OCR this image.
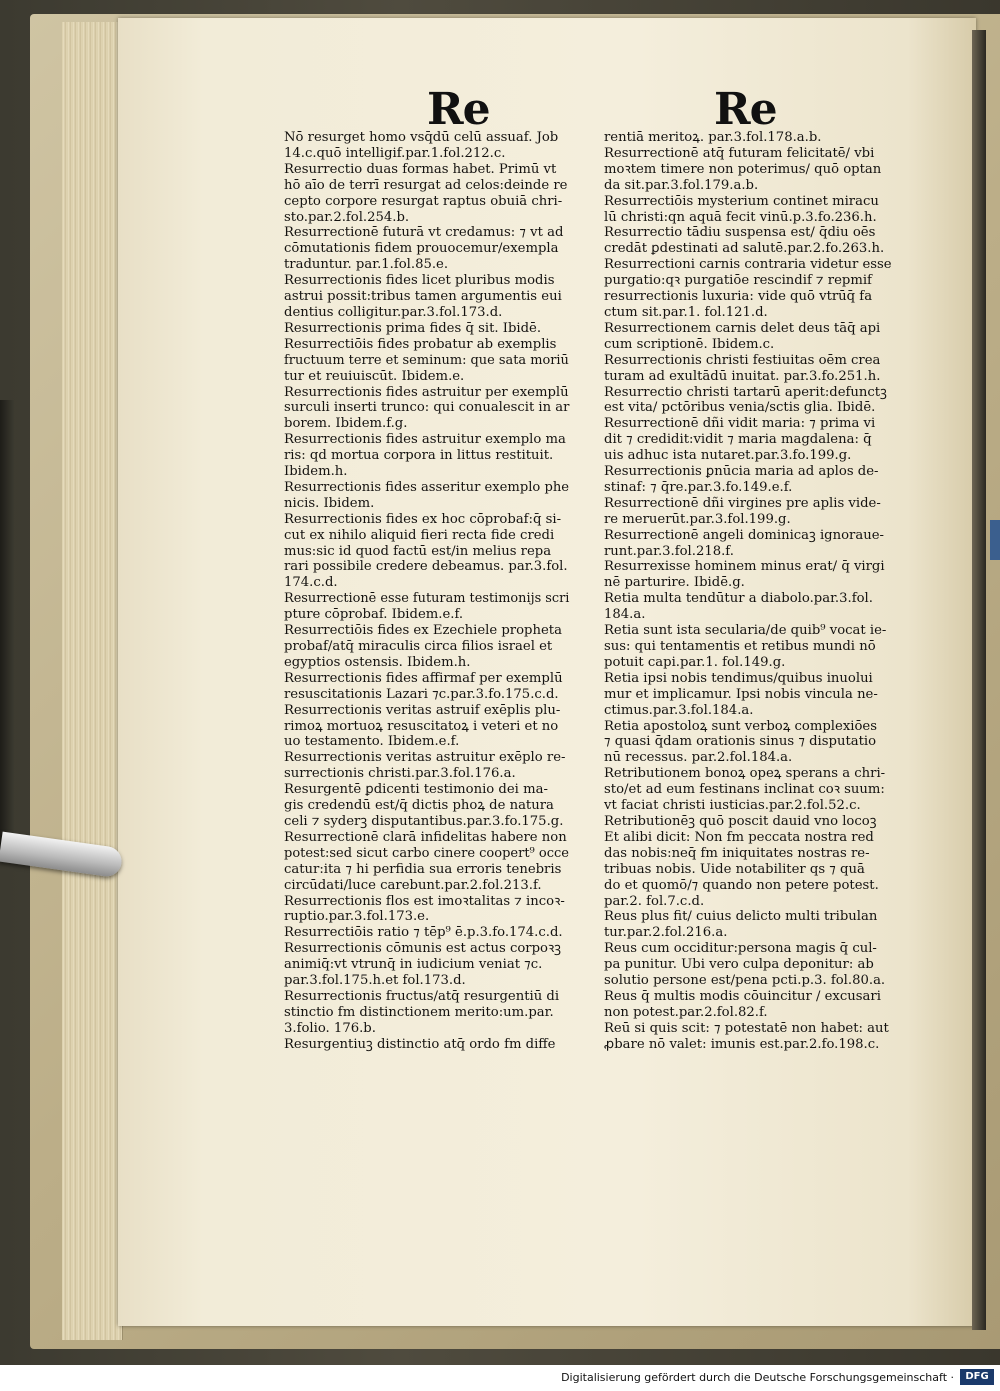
Re	Re
Nō resurget homo vsq̄dū celū assuaf. Job
14.c.quō intelligif.par.1.fol.212.c.
Resurrectio duas formas habet. Primū vt
hō aīo de terrī resurgat ad celos:deinde re
cepto corpore resurgat raptus obuiā chri-
sto.par.2.fol.254.b.
Resurrectionē futurā vt credamus: ⁊ vt ad
cōmutationis fidem prouocemur/exempla
traduntur. par.1.fol.85.e.
Resurrectionis fides licet pluribus modis
astrui possit:tribus tamen argumentis eui
dentius colligitur.par.3.fol.173.d.
Resurrectionis prima fides q̄ sit. Ibidē.
Resurrectiōis fides probatur ab exemplis
fructuum terre et seminum: que sata moriū
tur et reuiuiscūt. Ibidem.e.
Resurrectionis fides astruitur per exemplū
surculi inserti trunco: qui conualescit in ar
borem. Ibidem.f.g.
Resurrectionis fides astruitur exemplo ma
ris: qd mortua corpora in littus restituit.
Ibidem.h.
Resurrectionis fides asseritur exemplo phe
nicis. Ibidem.
Resurrectionis fides ex hoc cōprobaf:q̄ si-
cut ex nihilo aliquid fieri recta fide credi
mus:sic id quod factū est/in melius repa
rari possibile credere debeamus. par.3.fol.
174.c.d.
Resurrectionē esse futuram testimonijs scri
pture cōprobaf. Ibidem.e.f.
Resurrectiōis fides ex Ezechiele propheta
probaf/atq̄ miraculis circa filios israel et
egyptios ostensis. Ibidem.h.
Resurrectionis fides affirmaf per exemplū
resuscitationis Lazari ⁊c.par.3.fo.175.c.d.
Resurrectionis veritas astruif exēplis plu-
rimoꝝ mortuoꝝ resuscitatoꝝ i veteri et no
uo testamento. Ibidem.e.f.
Resurrectionis veritas astruitur exēplo re-
surrectionis christi.par.3.fol.176.a.
Resurgentē ꝑdicenti testimonio dei ma-
gis credendū est/q̄ dictis phoꝝ de natura
celi ⁊ syderꝫ disputantibus.par.3.fo.175.g.
Resurrectionē clarā infidelitas habere non
potest:sed sicut carbo cinere coopert⁹ occe
catur:ita ⁊ hi perfidia sua erroris tenebris
circūdati/luce carebunt.par.2.fol.213.f.
Resurrectionis flos est imoꝛtalitas ⁊ incoꝛ-
ruptio.par.3.fol.173.e.
Resurrectiōis ratio ⁊ tēp⁹ ē.p.3.fo.174.c.d.
Resurrectionis cōmunis est actus corpoꝛꝫ
animiq̄:vt vtrunq̄ in iudicium veniat ⁊c.
par.3.fol.175.h.et fol.173.d.
Resurrectionis fructus/atq̄ resurgentiū di
stinctio fm distinctionem merito:um.par.
3.folio. 176.b.
Resurgentiuꝫ distinctio atq̄ ordo fm diffe
rentiā meritoꝝ. par.3.fol.178.a.b.
Resurrectionē atq̄ futuram felicitatē/ vbi
moꝛtem timere non poterimus/ quō optan
da sit.par.3.fol.179.a.b.
Resurrectiōis mysterium continet miracu
lū christi:qn aquā fecit vinū.p.3.fo.236.h.
Resurrectio tādiu suspensa est/ q̄diu oēs
credāt ꝑdestinati ad salutē.par.2.fo.263.h.
Resurrectioni carnis contraria videtur esse
purgatio:qꝛ purgatiōe rescindif ⁊ repmif
resurrectionis luxuria: vide quō vtrūq̄ fa
ctum sit.par.1. fol.121.d.
Resurrectionem carnis delet deus tāq̄ api
cum scriptionē. Ibidem.c.
Resurrectionis christi festiuitas oēm crea
turam ad exultādū inuitat. par.3.fo.251.h.
Resurrectio christi tartarū aperit:defunctꝫ
est vita/ pctōribus venia/sctis glia. Ibidē.
Resurrectionē dñi vidit maria: ⁊ prima vi
dit ⁊ credidit:vidit ⁊ maria magdalena: q̄
uis adhuc ista nutaret.par.3.fo.199.g.
Resurrectionis ꝑnūcia maria ad aplos de-
stinaf: ⁊ q̄re.par.3.fo.149.e.f.
Resurrectionē dñi virgines pre aplis vide-
re meruerūt.par.3.fol.199.g.
Resurrectionē angeli dominicaꝫ ignoraue-
runt.par.3.fol.218.f.
Resurrexisse hominem minus erat/ q̄ virgi
nē parturire. Ibidē.g.
Retia multa tendūtur a diabolo.par.3.fol.
184.a.
Retia sunt ista secularia/de quib⁹ vocat ie-
sus: qui tentamentis et retibus mundi nō
potuit capi.par.1. fol.149.g.
Retia ipsi nobis tendimus/quibus inuolui
mur et implicamur. Ipsi nobis vincula ne-
ctimus.par.3.fol.184.a.
Retia apostoloꝝ sunt verboꝝ complexiōes
⁊ quasi q̄dam orationis sinus ⁊ disputatio
nū recessus. par.2.fol.184.a.
Retributionem bonoꝝ opeꝝ sperans a chri-
sto/et ad eum festinans inclinat coꝛ suum:
vt faciat christi iusticias.par.2.fol.52.c.
Retributionēꝫ quō poscit dauid vno locoꝫ
Et alibi dicit: Non fm peccata nostra red
das nobis:neq̄ fm iniquitates nostras re-
tribuas nobis. Uide notabiliter qs ⁊ quā
do et quomō/⁊ quando non petere potest.
par.2. fol.7.c.d.
Reus plus fit/ cuius delicto multi tribulan
tur.par.2.fol.216.a.
Reus cum occiditur:persona magis q̄ cul-
pa punitur. Ubi vero culpa deponitur: ab
solutio persone est/pena pcti.p.3. fol.80.a.
Reus q̄ multis modis cōuincitur / excusari
non potest.par.2.fol.82.f.
Reū si quis scit: ⁊ potestatē non habet: aut
ꝓbare nō valet: imunis est.par.2.fo.198.c.
Digitalisierung gefördert durch die Deutsche Forschungsgemeinschaft ·	DFG
